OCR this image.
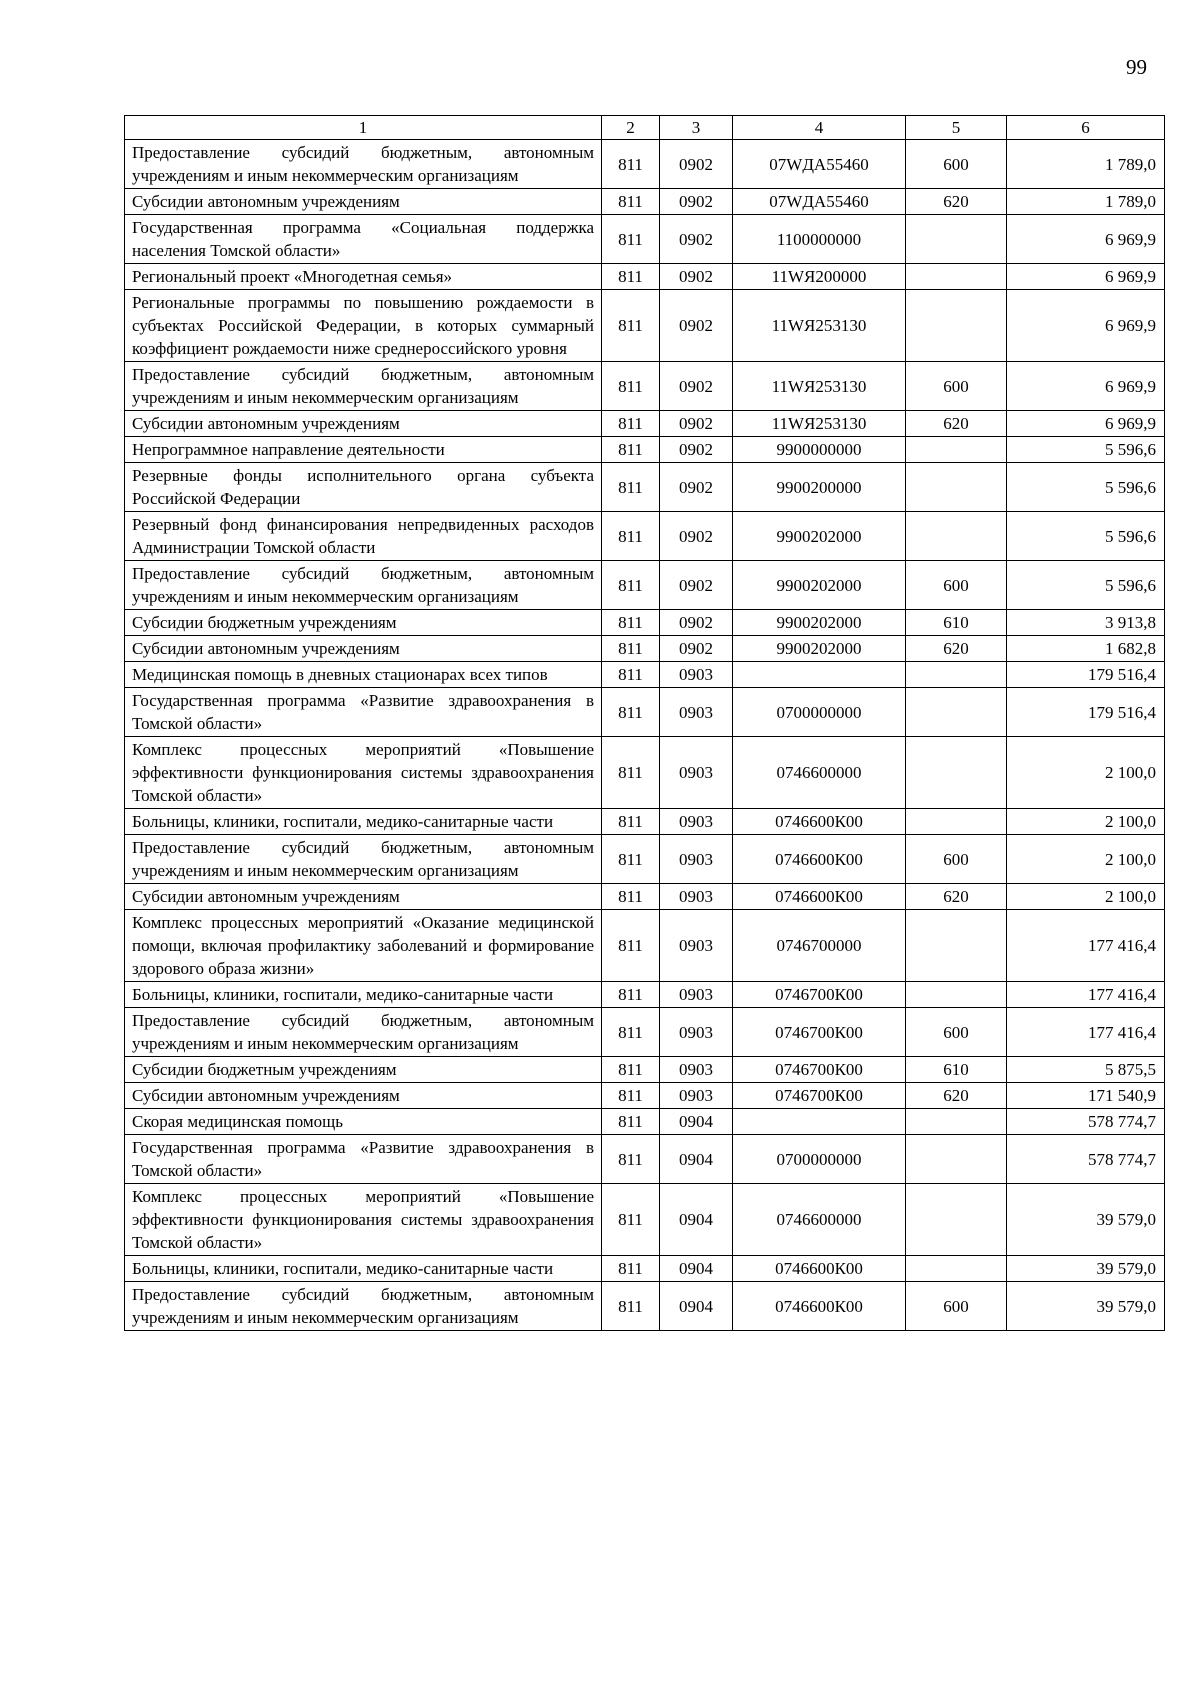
99
1	2	3	4	5	6
Предоставление субсидий бюджетным, автономным учреждениям и иным некоммерческим организациям	811	0902	07WДА55460	600	1 789,0
Субсидии автономным учреждениям	811	0902	07WДА55460	620	1 789,0
Государственная программа «Социальная поддержка населения Томской области»	811	0902	1100000000		6 969,9
Региональный проект «Многодетная семья»	811	0902	11WЯ200000		6 969,9
Региональные программы по повышению рождаемости в субъектах Российской Федерации, в которых суммарный коэффициент рождаемости ниже среднероссийского уровня	811	0902	11WЯ253130		6 969,9
Предоставление субсидий бюджетным, автономным учреждениям и иным некоммерческим организациям	811	0902	11WЯ253130	600	6 969,9
Субсидии автономным учреждениям	811	0902	11WЯ253130	620	6 969,9
Непрограммное направление деятельности	811	0902	9900000000		5 596,6
Резервные фонды исполнительного органа субъекта Российской Федерации	811	0902	9900200000		5 596,6
Резервный фонд финансирования непредвиденных расходов Администрации Томской области	811	0902	9900202000		5 596,6
Предоставление субсидий бюджетным, автономным учреждениям и иным некоммерческим организациям	811	0902	9900202000	600	5 596,6
Субсидии бюджетным учреждениям	811	0902	9900202000	610	3 913,8
Субсидии автономным учреждениям	811	0902	9900202000	620	1 682,8
Медицинская помощь в дневных стационарах всех типов	811	0903			179 516,4
Государственная программа «Развитие здравоохранения в Томской области»	811	0903	0700000000		179 516,4
Комплекс процессных мероприятий «Повышение эффективности функционирования системы здравоохранения Томской области»	811	0903	0746600000		2 100,0
Больницы, клиники, госпитали, медико-санитарные части	811	0903	0746600К00		2 100,0
Предоставление субсидий бюджетным, автономным учреждениям и иным некоммерческим организациям	811	0903	0746600К00	600	2 100,0
Субсидии автономным учреждениям	811	0903	0746600К00	620	2 100,0
Комплекс процессных мероприятий «Оказание медицинской помощи, включая профилактику заболеваний и формирование здорового образа жизни»	811	0903	0746700000		177 416,4
Больницы, клиники, госпитали, медико-санитарные части	811	0903	0746700К00		177 416,4
Предоставление субсидий бюджетным, автономным учреждениям и иным некоммерческим организациям	811	0903	0746700К00	600	177 416,4
Субсидии бюджетным учреждениям	811	0903	0746700К00	610	5 875,5
Субсидии автономным учреждениям	811	0903	0746700К00	620	171 540,9
Скорая медицинская помощь	811	0904			578 774,7
Государственная программа «Развитие здравоохранения в Томской области»	811	0904	0700000000		578 774,7
Комплекс процессных мероприятий «Повышение эффективности функционирования системы здравоохранения Томской области»	811	0904	0746600000		39 579,0
Больницы, клиники, госпитали, медико-санитарные части	811	0904	0746600К00		39 579,0
Предоставление субсидий бюджетным, автономным учреждениям и иным некоммерческим организациям	811	0904	0746600К00	600	39 579,0
